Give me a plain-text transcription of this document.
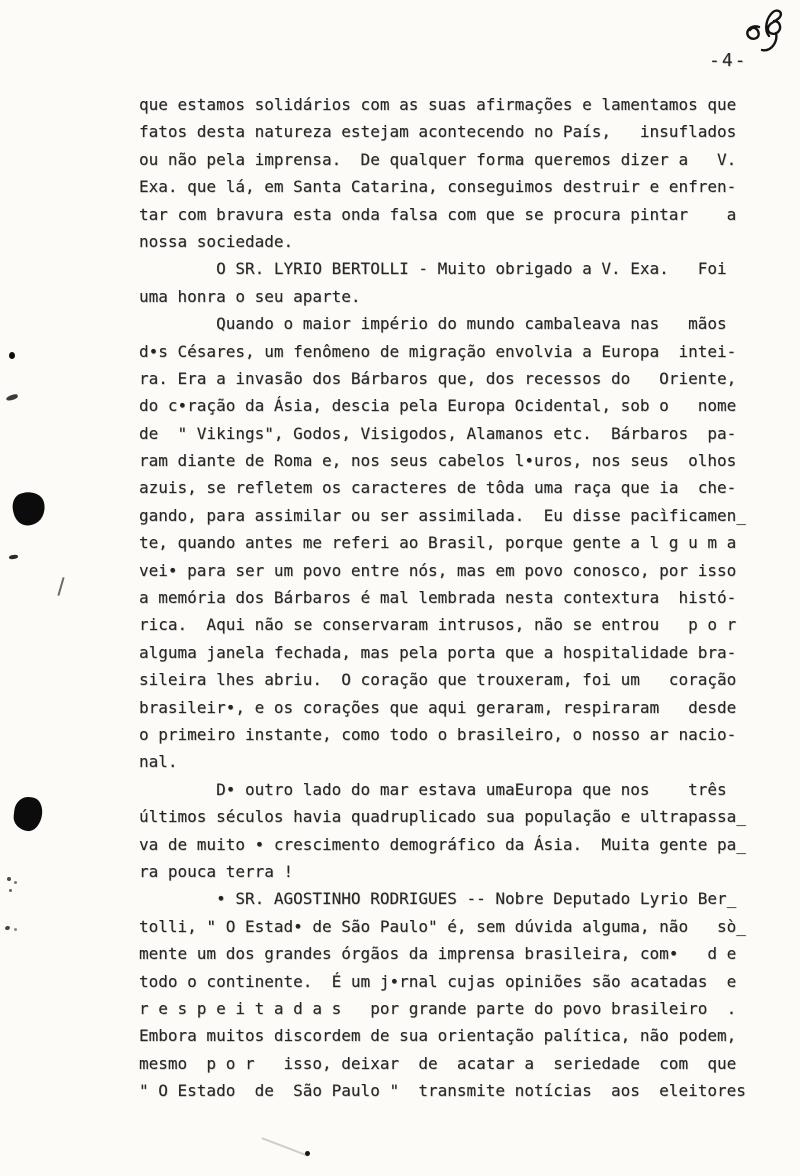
-4-
que estamos solidários com as suas afirmações e lamentamos que
fatos desta natureza estejam acontecendo no País,   insuflados
ou não pela imprensa.  De qualquer forma queremos dizer a   V.
Exa. que lá, em Santa Catarina, conseguimos destruir e enfren-
tar com bravura esta onda falsa com que se procura pintar    a
nossa sociedade.
O SR. LYRIO BERTOLLI - Muito obrigado a V. Exa.   Foi
uma honra o seu aparte.
Quando o maior império do mundo cambaleava nas   mãos
d•s Césares, um fenômeno de migração envolvia a Europa  intei-
ra. Era a invasão dos Bárbaros que, dos recessos do   Oriente,
do c•ração da Ásia, descia pela Europa Ocidental, sob o   nome
de  " Vikings", Godos, Visigodos, Alamanos etc.  Bárbaros  pa-
ram diante de Roma e, nos seus cabelos l•uros, nos seus  olhos
azuis, se refletem os caracteres de tôda uma raça que ia  che-
gando, para assimilar ou ser assimilada.  Eu disse pacìficamen̲
te, quando antes me referi ao Brasil, porque gente a l g u m a
vei• para ser um povo entre nós, mas em povo conosco, por isso
a memória dos Bárbaros é mal lembrada nesta contextura  histó-
rica.  Aqui não se conservaram intrusos, não se entrou   p o r
alguma janela fechada, mas pela porta que a hospitalidade bra-
sileira lhes abriu.  O coração que trouxeram, foi um   coração
brasileir•, e os corações que aqui geraram, respiraram   desde
o primeiro instante, como todo o brasileiro, o nosso ar nacio-
nal.
D• outro lado do mar estava umaEuropa que nos    três
últimos séculos havia quadruplicado sua população e ultrapassa̲
va de muito • crescimento demográfico da Ásia.  Muita gente pa̲
ra pouca terra !
• SR. AGOSTINHO RODRIGUES -- Nobre Deputado Lyrio Ber̲
tolli, " O Estad• de São Paulo" é, sem dúvida alguma, não   sò̲
mente um dos grandes órgãos da imprensa brasileira, com•   d e
todo o continente.  É um j•rnal cujas opiniões são acatadas  e
r e s p e i t a d a s   por grande parte do povo brasileiro  .
Embora muitos discordem de sua orientação palítica, não podem,
mesmo  p o r   isso, deixar  de  acatar a  seriedade  com  que
" O Estado  de  São Paulo "  transmite notícias  aos  eleitores
